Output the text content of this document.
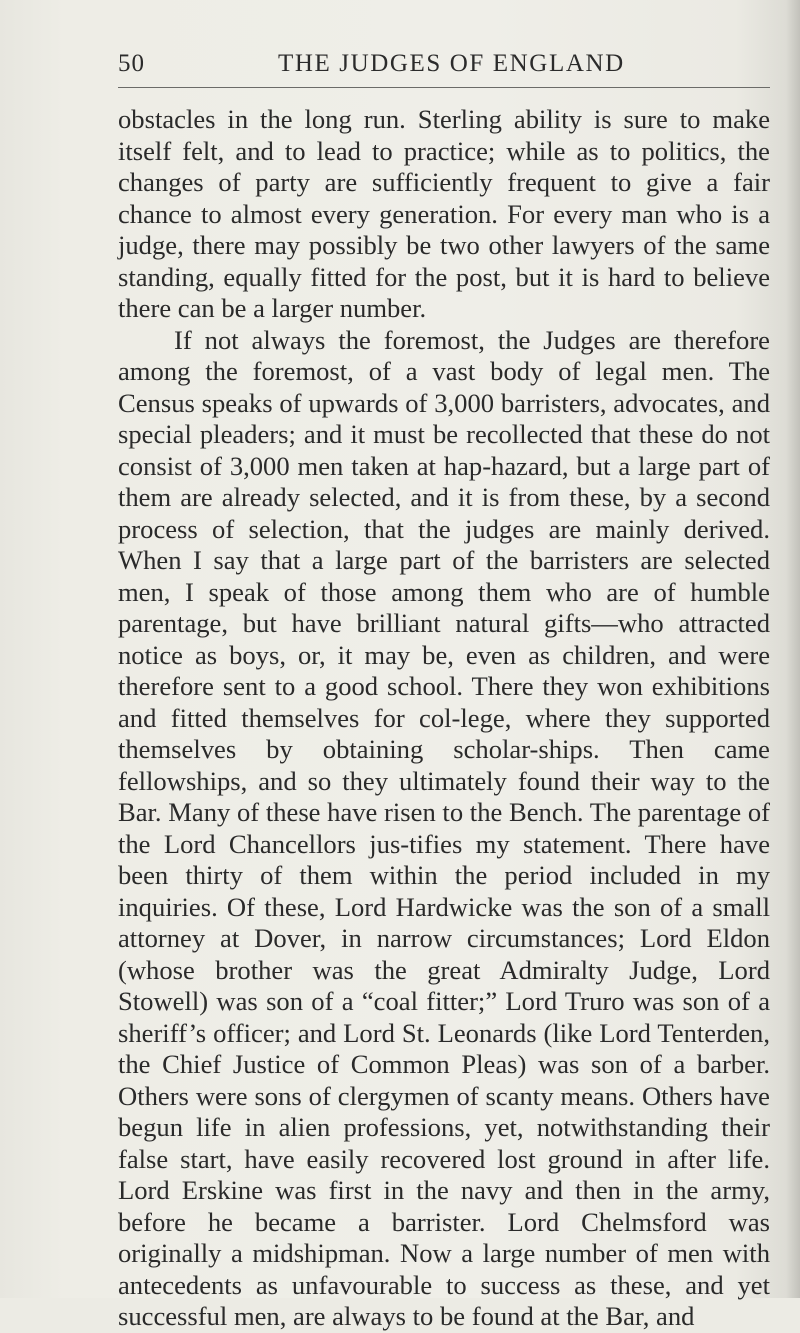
50	THE JUDGES OF ENGLAND

obstacles in the long run. Sterling ability is sure to make itself felt, and to lead to practice; while as to politics, the changes of party are sufficiently frequent to give a fair chance to almost every generation. For every man who is a judge, there may possibly be two other lawyers of the same standing, equally fitted for the post, but it is hard to believe there can be a larger number.

If not always the foremost, the Judges are therefore among the foremost, of a vast body of legal men. The Census speaks of upwards of 3,000 barristers, advocates, and special pleaders; and it must be recollected that these do not consist of 3,000 men taken at hap-hazard, but a large part of them are already selected, and it is from these, by a second process of selection, that the judges are mainly derived. When I say that a large part of the barristers are selected men, I speak of those among them who are of humble parentage, but have brilliant natural gifts—who attracted notice as boys, or, it may be, even as children, and were therefore sent to a good school. There they won exhibitions and fitted themselves for col-lege, where they supported themselves by obtaining scholar-ships. Then came fellowships, and so they ultimately found their way to the Bar. Many of these have risen to the Bench. The parentage of the Lord Chancellors jus-tifies my statement. There have been thirty of them within the period included in my inquiries. Of these, Lord Hardwicke was the son of a small attorney at Dover, in narrow circumstances; Lord Eldon (whose brother was the great Admiralty Judge, Lord Stowell) was son of a “coal fitter;” Lord Truro was son of a sheriff’s officer; and Lord St. Leonards (like Lord Tenterden, the Chief Justice of Common Pleas) was son of a barber. Others were sons of clergymen of scanty means. Others have begun life in alien professions, yet, notwithstanding their false start, have easily recovered lost ground in after life. Lord Erskine was first in the navy and then in the army, before he became a barrister. Lord Chelmsford was originally a midshipman. Now a large number of men with antecedents as unfavourable to success as these, and yet successful men, are always to be found at the Bar, and
